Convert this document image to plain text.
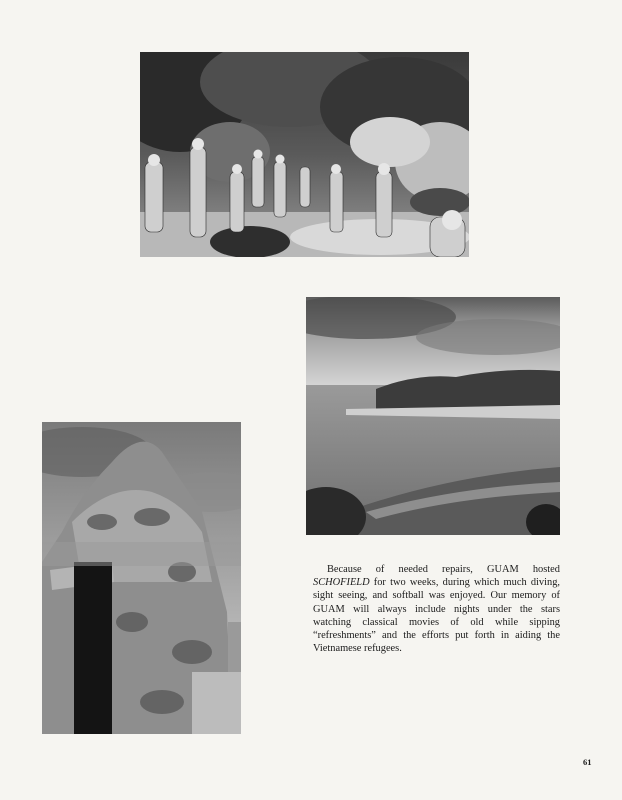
Because of needed repairs, GUAM hosted SCHOFIELD for two weeks, during which much diving, sight seeing, and softball was enjoyed. Our memory of GUAM will always include nights under the stars watching classical movies of old while sipping “refreshments” and the efforts put forth in aiding the Vietnamese refugees.

61
